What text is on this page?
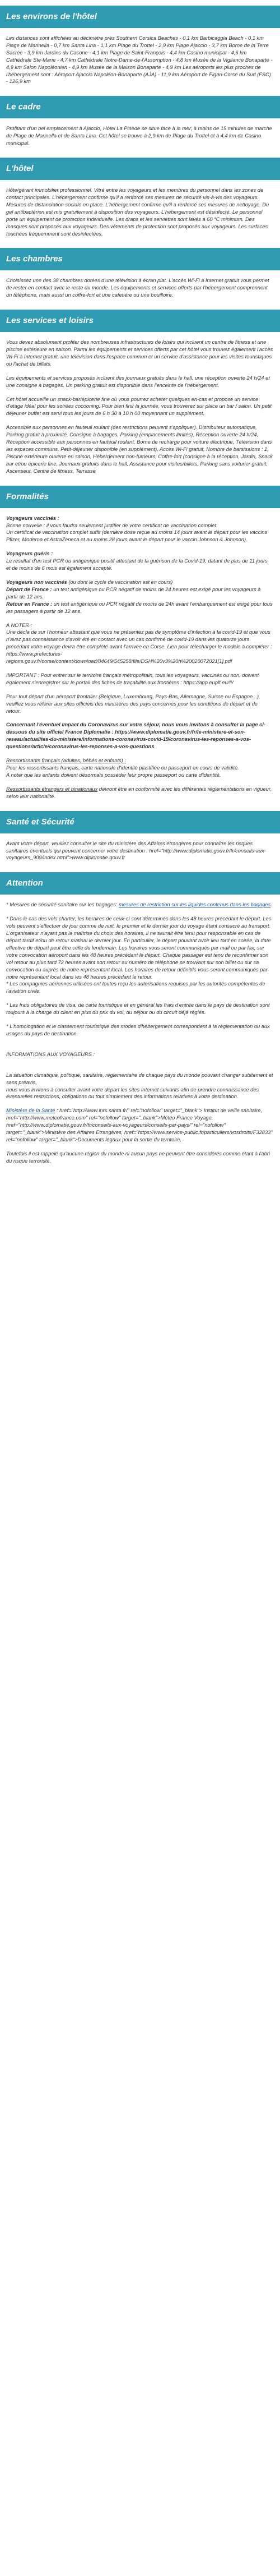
Les environs de l'hôtel

Les distances sont affichées au décimètre près Southern Corsica Beaches - 0,1 km Barbicaggia Beach - 0,1 km Plage de Marinella - 0,7 km Santa Lina - 1,1 km Plage du Trottel - 2,9 km Plage Ajaccio - 3,7 km Borne de la Terre Sacrée - 3,9 km Jardins du Casone - 4,1 km Plage de Saint-François - 4,4 km Casino municipal - 4,6 km Cathédrale Ste-Marie - 4,7 km Cathédrale Notre-Dame-de-l'Assomption - 4,8 km Musée de la Vigilance Bonaparte - 4,9 km Salon Napoléonien - 4,9 km Musée de la Maison Bonaparte - 4,9 km Les aéroports les plus proches de l'hébergement sont : Aéroport Ajaccio Napoléon-Bonaparte (AJA) - 11,9 km Aéroport de Figari-Corse du Sud (FSC) - 126,9 km

Le cadre

Profitant d'un bel emplacement à Ajaccio, Hôtel La Pinède se situe face à la mer, à moins de 15 minutes de marche de Plage de Marinella et de Santa Lina. Cet hôtel se trouve à 2,9 km de Plage du Trottel et à 4,4 km de Casino municipal.

L'hôtel

Hôte/gérant immobilier professionnel. Vitré entre les voyageurs et les membres du personnel dans les zones de contact principales. L'hébergement confirme qu'il a renforcé ses mesures de sécurité vis-à-vis des voyageurs. Mesures de distanciation sociale en place. L'hébergement confirme qu'il a renforcé ses mesures de nettoyage. Du gel antibactérien est mis gratuitement à disposition des voyageurs. L'hébergement est désinfecté. Le personnel porte un équipement de protection individuelle. Les draps et les serviettes sont lavés à 60 °C minimum. Des masques sont proposés aux voyageurs. Des vêtements de protection sont proposés aux voyageurs. Les surfaces touchées fréquemment sont désinfectées.

Les chambres

Choisissez une des 38 chambres dotées d'une télévision à écran plat. L'accès Wi-Fi à Internet gratuit vous permet de rester en contact avec le reste du monde. Les équipements et services offerts par l'hébergement comprennent un téléphone, mais aussi un coffre-fort et une cafetière ou une bouilloire.

Les services et loisirs

Vous devez absolument profiter des nombreuses infrastructures de loisirs qui incluent un centre de fitness et une piscine extérieure en saison. Parmi les équipements et services offerts par cet hôtel vous trouvez également l'accès Wi-Fi à Internet gratuit, une télévision dans l'espace commun et un service d'assistance pour les visites touristiques ou l'achat de billets.

Les équipements et services proposés incluent des journaux gratuits dans le hall, une réception ouverte 24 h/24 et une consigne à bagages. Un parking gratuit est disponible dans l'enceinte de l'hébergement.

Cet hôtel accueille un snack-bar/épicerie fine où vous pourrez acheter quelques en-cas et propose un service d'étage idéal pour les soirées cocooning. Pour bien finir la journée, vous trouverez sur place un bar / salon. Un petit déjeuner buffet est servi tous les jours de 6 h 30 à 10 h 00 moyennant un supplément.

Accessible aux personnes en fauteuil roulant (des restrictions peuvent s'appliquer). Distributeur automatique, Parking gratuit à proximité, Consigne à bagages, Parking (emplacements limités), Réception ouverte 24 h/24, Réception accessible aux personnes en fauteuil roulant, Borne de recharge pour voiture électrique, Télévision dans les espaces communs, Petit-déjeuner disponible (en supplément), Accès Wi-Fi gratuit, Nombre de bars/salons : 1, Piscine extérieure ouverte en saison, Hébergement non-fumeurs, Coffre-fort (consigne à la réception, Jardin, Snack bar et/ou épicerie fine, Journaux gratuits dans le hall, Assistance pour visites/billets, Parking sans voiturier gratuit, Ascenseur, Centre de fitness, Terrasse

Formalités

Voyageurs vaccinés :
Bonne nouvelle : il vous faudra seulement justifier de votre certificat de vaccination complet.
Un certificat de vaccination complet suffit (dernière dose reçue au moins 14 jours avant le départ pour les vaccins Pfizer, Moderna et AstraZeneca et au moins 28 jours avant le départ pour le vaccin Johnson & Johnson).

Voyageurs guéris :
Le résultat d'un test PCR ou antigénique positif attestant de la guérison de la Covid-19, datant de plus de 11 jours et de moins de 6 mois est également accepté.

Voyageurs non vaccinés (ou dont le cycle de vaccination est en cours)
Départ de France : un test antigénique ou PCR négatif de moins de 24 heures est exigé pour les voyageurs à partir de 12 ans.
Retour en France : un test antigénique ou PCR négatif de moins de 24h avant l'embarquement est exigé pour tous les passagers à partir de 12 ans.

A NOTER :
Une décla de sur l'honneur attestant que vous ne présentez pas de symptôme d'infection à la covid-19 et que vous n'avez pas connaissance d'avoir été en contact avec un cas confirmé de covid-19 dans les quatorze jours précédant votre voyage devra être complété avant l'arrivée en Corse. Lien pour télécharger le modèle à compléter : https://www.prefectures-regions.gouv.fr/corse/content/download/84649/545258/file/DSH%20v3%20h%20020072021[1].pdf

IMPORTANT : Pour entrer sur le territoire français métropolitain, tous les voyageurs, vaccinés ou non, doivent également s'enregistrer sur le portail des fiches de traçabilité aux frontières : https://app.euplf.eu/#/

Pour tout départ d'un aéroport frontalier (Belgique, Luxembourg, Pays-Bas, Allemagne, Suisse ou Espagne...), veuillez vous référer aux sites officiels des ministères des pays concernés pour les conditions de départ et de retour.

Concernant l'éventuel impact du Coronavirus sur votre séjour, nous vous invitons à consulter la page ci-dessous du site officiel France Diplomatie : https://www.diplomatie.gouv.fr/fr/le-ministere-et-son-reseau/actualites-du-ministere/informations-coronavirus-covid-19/coronavirus-les-reponses-a-vos-questions/article/coronavirus-les-reponses-a-vos-questions

Ressortissants français (adultes, bébés et enfants) :
Pour les ressortissants français, carte nationale d'identité plastifiée ou passeport en cours de validité.
A noter que les enfants doivent désormais posséder leur propre passeport ou carte d'identité.

Ressortissants étrangers et binationaux devront être en conformité avec les différentes réglementations en vigueur, selon leur nationalité.

Santé et Sécurité

Avant votre départ, veuillez consulter le site du ministère des Affaires étrangères pour connaître les risques sanitaires éventuels qui peuvent concerner votre destination : href="http://www.diplomatie.gouv.fr/fr/conseils-aux-voyageurs_909/index.html">www.diplomatie.gouv.fr

Attention

* Mesures de sécurité sanitaire sur les bagages: mesures de restriction sur les liquides contenus dans les bagages.

* Dans le cas des vols charter, les horaires de ceux-ci sont déterminés dans les 48 heures précédant le départ. Les vols peuvent s'effectuer de jour comme de nuit, le premier et le dernier jour du voyage étant consacré au transport. L'organisateur n'ayant pas la maîtrise du choix des horaires, il ne saurait être tenu pour responsable en cas de départ tardif et/ou de retour matinal le dernier jour. En particulier, le départ pouvant avoir lieu tard en soirée, la date effective de départ peut être celle du lendemain. Les horaires vous seront communiqués par mail ou par fax, sur votre convocation aéroport dans les 48 heures précédant le départ. Chaque passager est tenu de reconfirmer son vol retour au plus tard 72 heures avant son retour au numéro de téléphone se trouvant sur son billet ou sur sa convocation ou auprès de notre représentant local. Les horaires de retour définitifs vous seront communiqués par notre représentant local dans les 48 heures précédant le retour.
* Les compagnies aériennes utilisées ont toutes reçu les autorisations requises par les autorités compétentes de l'aviation civile.

* Les frais obligatoires de visa, de carte touristique et en général les frais d'entrée dans le pays de destination sont toujours à la charge du client en plus du prix du vol, du séjour ou du circuit déjà réglés.

* L'homologation et le classement touristique des modes d'hébergement correspondent à la réglementation ou aux usages du pays de destination.

INFORMATIONS AUX VOYAGEURS :

La situation climatique, politique, sanitaire, réglementaire de chaque pays du monde pouvant changer subitement et sans préavis,
nous vous invitons à consulter avant votre départ les sites Internet suivants afin de prendre connaissance des éventuelles restrictions, obligations ou tout simplement des informations relatives à votre destination.

Ministère de la Santé : href="http://www.inrs.santa.fr/" rel="nofollow" target="_blank"> Institut de veille sanitaire, href="http://www.meteofrance.com" rel="nofollow" target="_blank">Météo France Voyage, href="http://www.diplomatie.gouv.fr/fr/conseils-aux-voyageurs/conseils-par-pays/" rel="nofollow" target="_blank">Ministère des Affaires Etrangères, href="https://www.service-public.fr/particuliers/vosdroits/F32833" rel="nofollow" target="_blank">Documents légaux pour la sortie du territoire.

Toutefois il est rappelé qu'aucune région du monde ni aucun pays ne peuvent être considérés comme étant à l'abri du risque terroriste.
